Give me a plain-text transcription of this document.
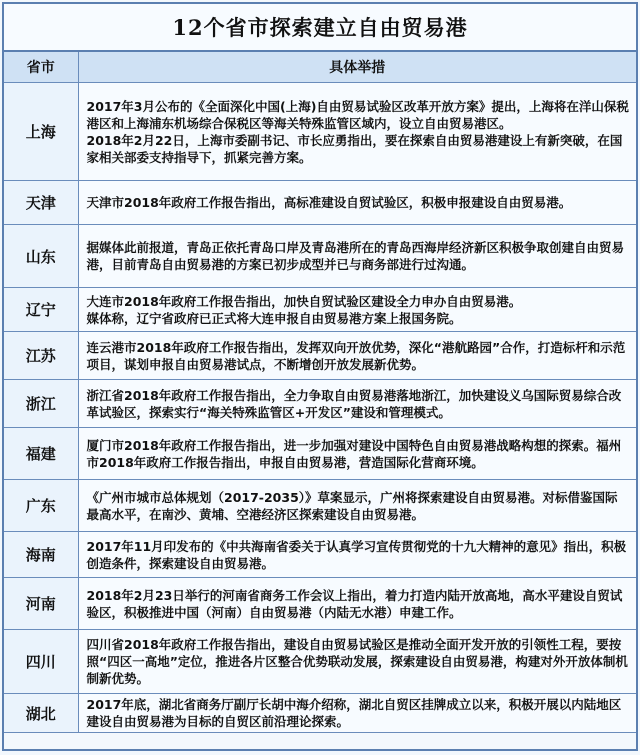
12个省市探索建立自由贸易港
省市	具体举措
上海	2017年3月公布的《全面深化中国(上海)自由贸易试验区改革开放方案》提出，上海将在洋山保税港区和上海浦东机场综合保税区等海关特殊监管区域内，设立自由贸易港区。

2018年2月22日，上海市委副书记、市长应勇指出，要在探索自由贸易港建设上有新突破，在国家相关部委支持指导下，抓紧完善方案。

天津	天津市2018年政府工作报告指出，高标准建设自贸试验区，积极申报建设自由贸易港。

山东	据媒体此前报道，青岛正依托青岛口岸及青岛港所在的青岛西海岸经济新区积极争取创建自由贸易港，目前青岛自由贸易港的方案已初步成型并已与商务部进行过沟通。

辽宁	大连市2018年政府工作报告指出，加快自贸试验区建设全力申办自由贸易港。

媒体称，辽宁省政府已正式将大连申报自由贸易港方案上报国务院。

江苏	连云港市2018年政府工作报告指出，发挥双向开放优势，深化“港航路园”合作，打造标杆和示范项目，谋划申报自由贸易港试点，不断增创开放发展新优势。

浙江	浙江省2018年政府工作报告指出，全力争取自由贸易港落地浙江，加快建设义乌国际贸易综合改革试验区，探索实行“海关特殊监管区+开发区”建设和管理模式。

福建	厦门市2018年政府工作报告指出，进一步加强对建设中国特色自由贸易港战略构想的探索。福州市2018年政府工作报告指出，申报自由贸易港，营造国际化营商环境。

广东	《广州市城市总体规划（2017-2035）》草案显示，广州将探索建设自由贸易港。对标借鉴国际最高水平，在南沙、黄埔、空港经济区探索建设自由贸易港。

海南	2017年11月印发布的《中共海南省委关于认真学习宣传贯彻党的十九大精神的意见》指出，积极创造条件，探索建设自由贸易港。

河南	2018年2月23日举行的河南省商务工作会议上指出，着力打造内陆开放高地，高水平建设自贸试验区，积极推进中国（河南）自由贸易港（内陆无水港）申建工作。

四川	四川省2018年政府工作报告指出，建设自由贸易试验区是推动全面开发开放的引领性工程，要按照“四区一高地”定位，推进各片区整合优势联动发展，探索建设自由贸易港，构建对外开放体制机制新优势。

湖北	2017年底，湖北省商务厅副厅长胡中海介绍称，湖北自贸区挂牌成立以来，积极开展以内陆地区建设自由贸易港为目标的自贸区前沿理论探索。
